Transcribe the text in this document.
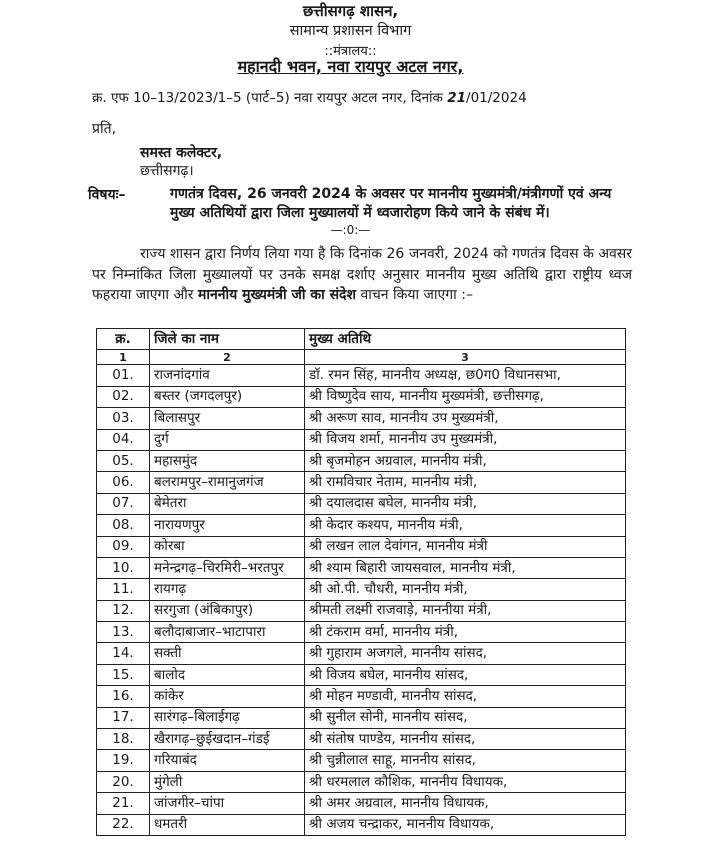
छत्तीसगढ़ शासन,
सामान्य प्रशासन विभाग
::मंत्रालय::
महानदी भवन, नवा रायपुर अटल नगर,
क्र. एफ 10–13/2023/1–5 (पार्ट–5) नवा रायपुर अटल नगर, दिनांक 21/01/2024
प्रति,
समस्त कलेक्टर,
छत्तीसगढ़।
विषयः–	गणतंत्र दिवस, 26 जनवरी 2024 के अवसर पर माननीय मुख्यमंत्री/मंत्रीगणों एवं अन्य मुख्य अतिथियों द्वारा जिला मुख्यालयों में ध्वजारोहण किये जाने के संबंध में।
—:0:—
राज्य शासन द्वारा निर्णय लिया गया है कि दिनांक 26 जनवरी, 2024 को गणतंत्र दिवस के अवसर पर निम्नांकित जिला मुख्यालयों पर उनके समक्ष दर्शाए अनुसार माननीय मुख्य अतिथि द्वारा राष्ट्रीय ध्वज फहराया जाएगा और माननीय मुख्यमंत्री जी का संदेश वाचन किया जाएगा :–
क्र.	जिले का नाम	मुख्य अतिथि
1	2	3
01.	राजनांदगांव	डॉ. रमन सिंह, माननीय अध्यक्ष, छ0ग0 विधानसभा,
02.	बस्तर (जगदलपुर)	श्री विष्णुदेव साय, माननीय मुख्यमंत्री, छत्तीसगढ़,
03.	बिलासपुर	श्री अरूण साव, माननीय उप मुख्यमंत्री,
04.	दुर्ग	श्री विजय शर्मा, माननीय उप मुख्यमंत्री,
05.	महासमुंद	श्री बृजमोहन अग्रवाल, माननीय मंत्री,
06.	बलरामपुर–रामानुजगंज	श्री रामविचार नेताम, माननीय मंत्री,
07.	बेमेतरा	श्री दयालदास बघेल, माननीय मंत्री,
08.	नारायणपुर	श्री केदार कश्यप, माननीय मंत्री,
09.	कोरबा	श्री लखन लाल देवांगन, माननीय मंत्री
10.	मनेन्द्रगढ़–चिरमिरी–भरतपुर	श्री श्याम बिहारी जायसवाल, माननीय मंत्री,
11.	रायगढ़	श्री ओ.पी. चौधरी, माननीय मंत्री,
12.	सरगुजा (अंबिकापुर)	श्रीमती लक्ष्मी राजवाड़े, माननीया मंत्री,
13.	बलौदाबाजार–भाटापारा	श्री टंकराम वर्मा, माननीय मंत्री,
14.	सक्ती	श्री गुहाराम अजगले, माननीय सांसद,
15.	बालोद	श्री विजय बघेल, माननीय सांसद,
16.	कांकेर	श्री मोहन मण्डावी, माननीय सांसद,
17.	सारंगढ़–बिलाईगढ़	श्री सुनील सोनी, माननीय सांसद,
18.	खैरागढ़–छुईखदान–गंडई	श्री संतोष पाण्डेय, माननीय सांसद,
19.	गरियाबंद	श्री चुन्नीलाल साहू, माननीय सांसद,
20.	मुंगेली	श्री धरमलाल कौशिक, माननीय विधायक,
21.	जांजगीर–चांपा	श्री अमर अग्रवाल, माननीय विधायक,
22.	धमतरी	श्री अजय चन्द्राकर, माननीय विधायक,
